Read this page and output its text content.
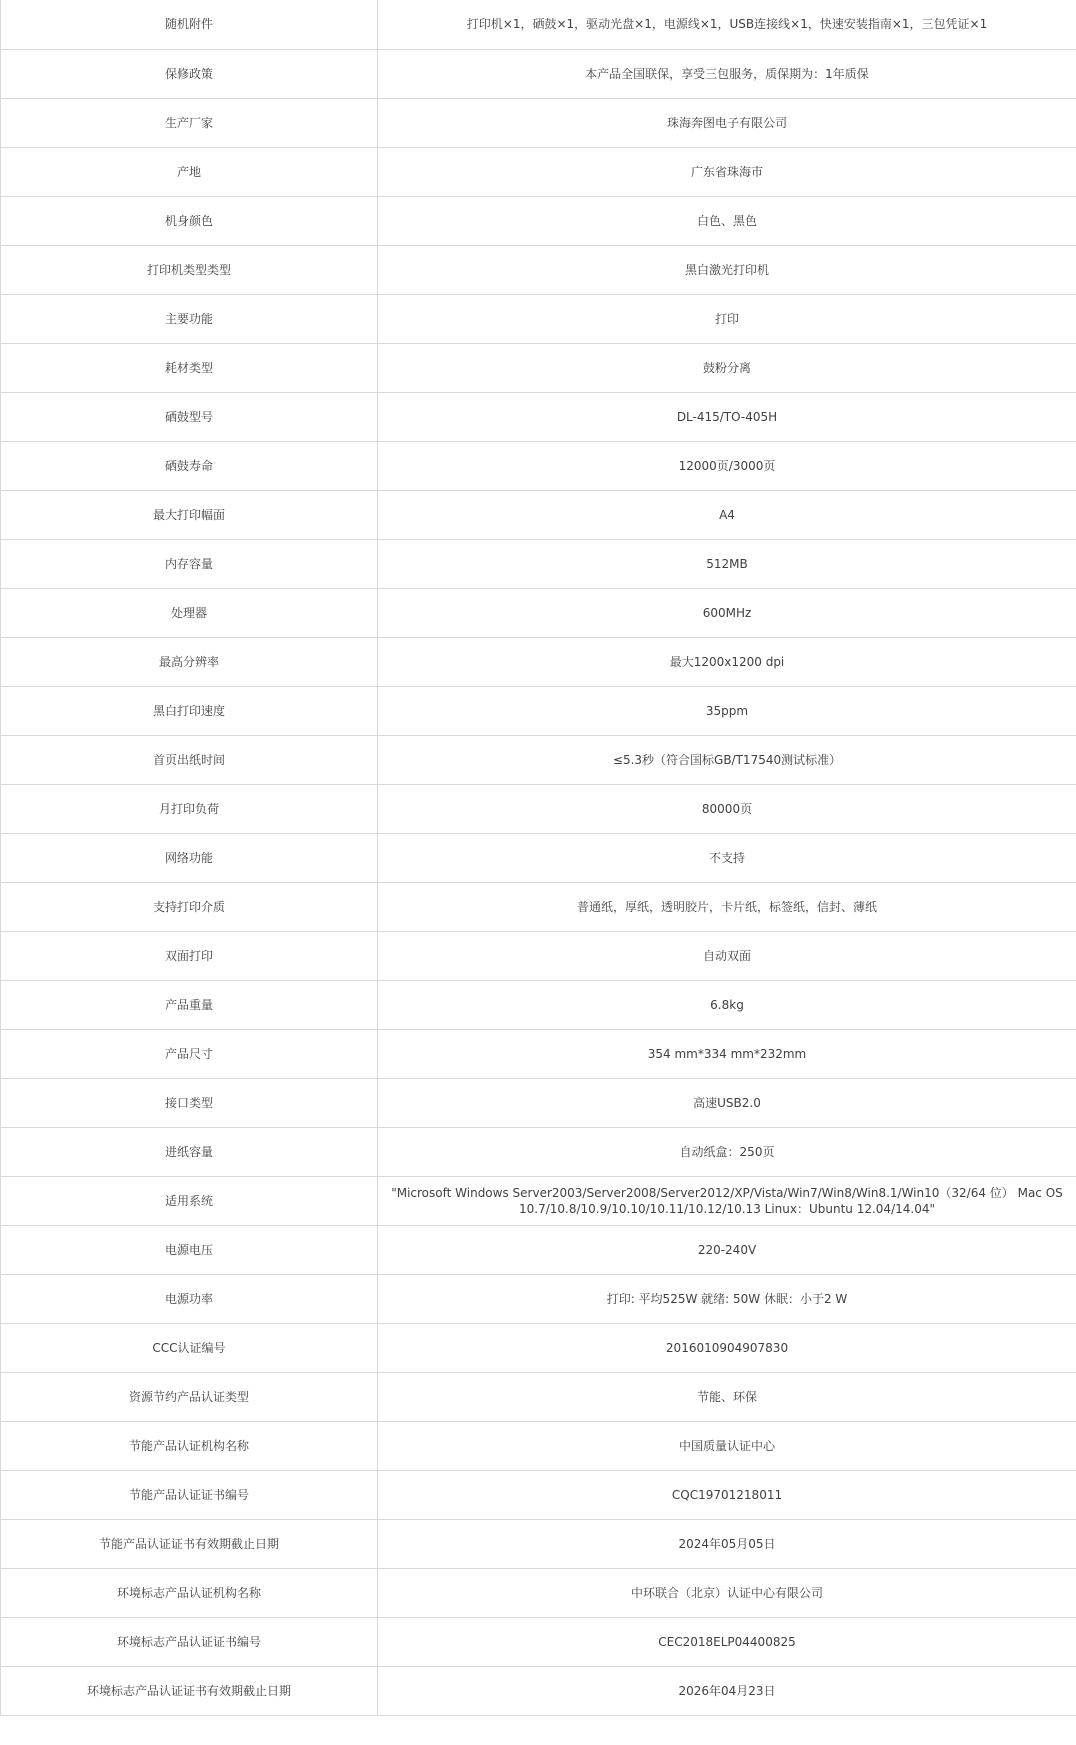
随机附件	打印机×1，硒鼓×1，驱动光盘×1，电源线×1，USB连接线×1，快速安装指南×1，三包凭证×1
保修政策	本产品全国联保，享受三包服务，质保期为：1年质保
生产厂家	珠海奔图电子有限公司
产地	广东省珠海市
机身颜色	白色、黑色
打印机类型类型	黑白激光打印机
主要功能	打印
耗材类型	鼓粉分离
硒鼓型号	DL-415/TO-405H
硒鼓寿命	12000页/3000页
最大打印幅面	A4
内存容量	512MB
处理器	600MHz
最高分辨率	最大1200x1200 dpi
黑白打印速度	35ppm
首页出纸时间	≤5.3秒（符合国标GB/T17540测试标准）
月打印负荷	80000页
网络功能	不支持
支持打印介质	普通纸，厚纸，透明胶片，卡片纸，标签纸，信封、薄纸
双面打印	自动双面
产品重量	6.8kg
产品尺寸	354 mm*334 mm*232mm
接口类型	高速USB2.0
进纸容量	自动纸盒：250页
适用系统	"Microsoft Windows Server2003/Server2008/Server2012/XP/Vista/Win7/Win8/Win8.1/Win10（32/64 位） Mac OS 10.7/10.8/10.9/10.10/10.11/10.12/10.13 Linux：Ubuntu 12.04/14.04"
电源电压	220-240V
电源功率	打印: 平均525W 就绪: 50W 休眠：小于2 W
CCC认证编号	2016010904907830
资源节约产品认证类型	节能、环保
节能产品认证机构名称	中国质量认证中心
节能产品认证证书编号	CQC19701218011
节能产品认证证书有效期截止日期	2024年05月05日
环境标志产品认证机构名称	中环联合（北京）认证中心有限公司
环境标志产品认证证书编号	CEC2018ELP04400825
环境标志产品认证证书有效期截止日期	2026年04月23日
